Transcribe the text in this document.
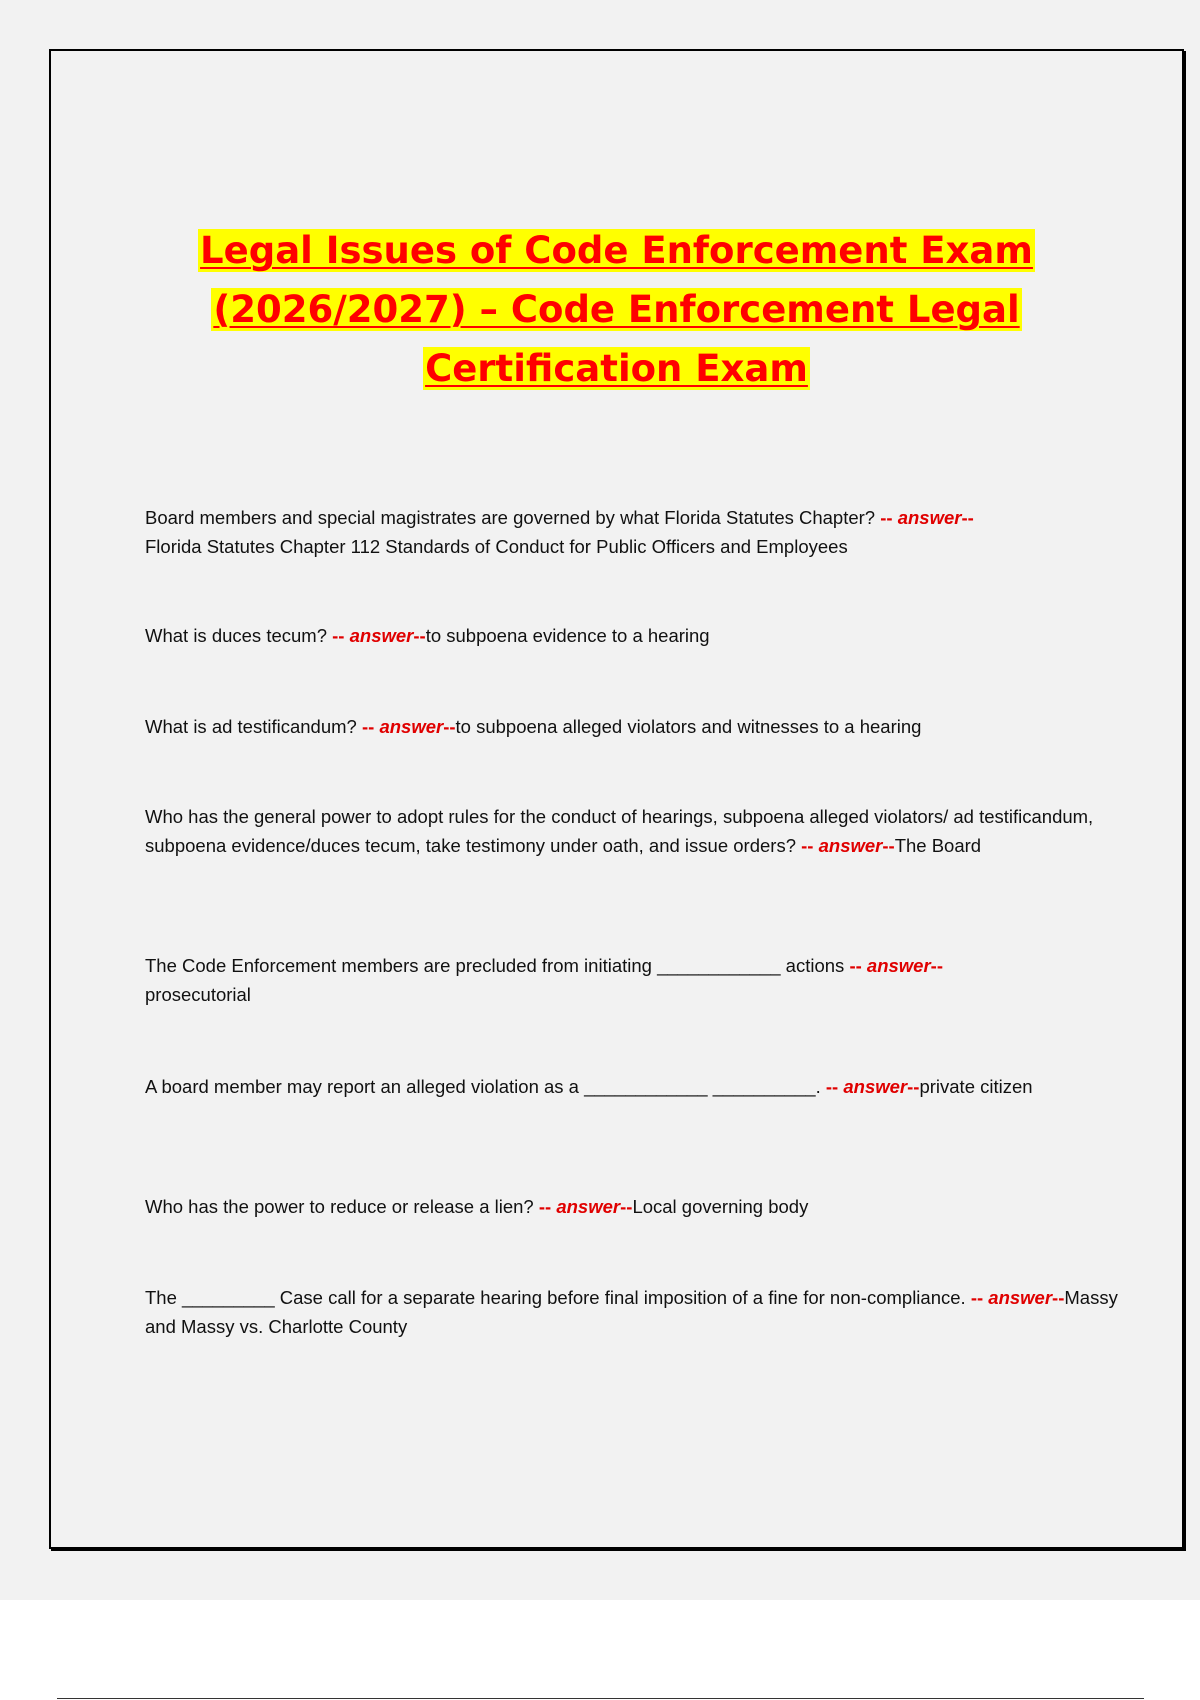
Legal Issues of Code Enforcement Exam
(2026/2027) – Code Enforcement Legal
Certification Exam
Board members and special magistrates are governed by what Florida Statutes Chapter? -- answer--
Florida Statutes Chapter 112 Standards of Conduct for Public Officers and Employees
What is duces tecum? -- answer--to subpoena evidence to a hearing
What is ad testificandum? -- answer--to subpoena alleged violators and witnesses to a hearing
Who has the general power to adopt rules for the conduct of hearings, subpoena alleged violators/ ad testificandum, subpoena evidence/duces tecum, take testimony under oath, and issue orders? -- answer--The Board
The Code Enforcement members are precluded from initiating ____________ actions -- answer--
prosecutorial
A board member may report an alleged violation as a ____________ __________. -- answer--private citizen
Who has the power to reduce or release a lien? -- answer--Local governing body
The _________ Case call for a separate hearing before final imposition of a fine for non-compliance. -- answer--Massy and Massy vs. Charlotte County
